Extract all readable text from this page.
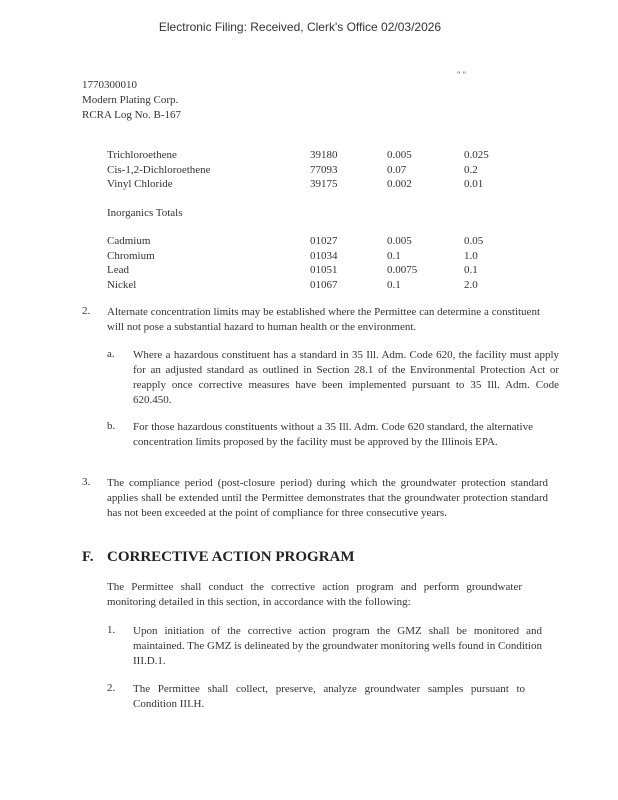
Electronic Filing: Received, Clerk's Office 02/03/2026
" "
1770300010
Modern Plating Corp.
RCRA Log No. B-167
Trichloroethene	39180	0.005	0.025
Cis-1,2-Dichloroethene	77093	0.07	0.2
Vinyl Chloride	39175	0.002	0.01
Inorganics Totals
Cadmium	01027	0.005	0.05
Chromium	01034	0.1	1.0
Lead	01051	0.0075	0.1
Nickel	01067	0.1	2.0
2. Alternate concentration limits may be established where the Permittee can determine a constituent will not pose a substantial hazard to human health or the environment.
a. Where a hazardous constituent has a standard in 35 Ill. Adm. Code 620, the facility must apply for an adjusted standard as outlined in Section 28.1 of the Environmental Protection Act or reapply once corrective measures have been implemented pursuant to 35 Ill. Adm. Code 620.450.
b. For those hazardous constituents without a 35 Ill. Adm. Code 620 standard, the alternative concentration limits proposed by the facility must be approved by the Illinois EPA.
3. The compliance period (post-closure period) during which the groundwater protection standard applies shall be extended until the Permittee demonstrates that the groundwater protection standard has not been exceeded at the point of compliance for three consecutive years.
F. CORRECTIVE ACTION PROGRAM
The Permittee shall conduct the corrective action program and perform groundwater monitoring detailed in this section, in accordance with the following:
1. Upon initiation of the corrective action program the GMZ shall be monitored and maintained. The GMZ is delineated by the groundwater monitoring wells found in Condition III.D.1.
2. The Permittee shall collect, preserve, analyze groundwater samples pursuant to Condition III.H.
